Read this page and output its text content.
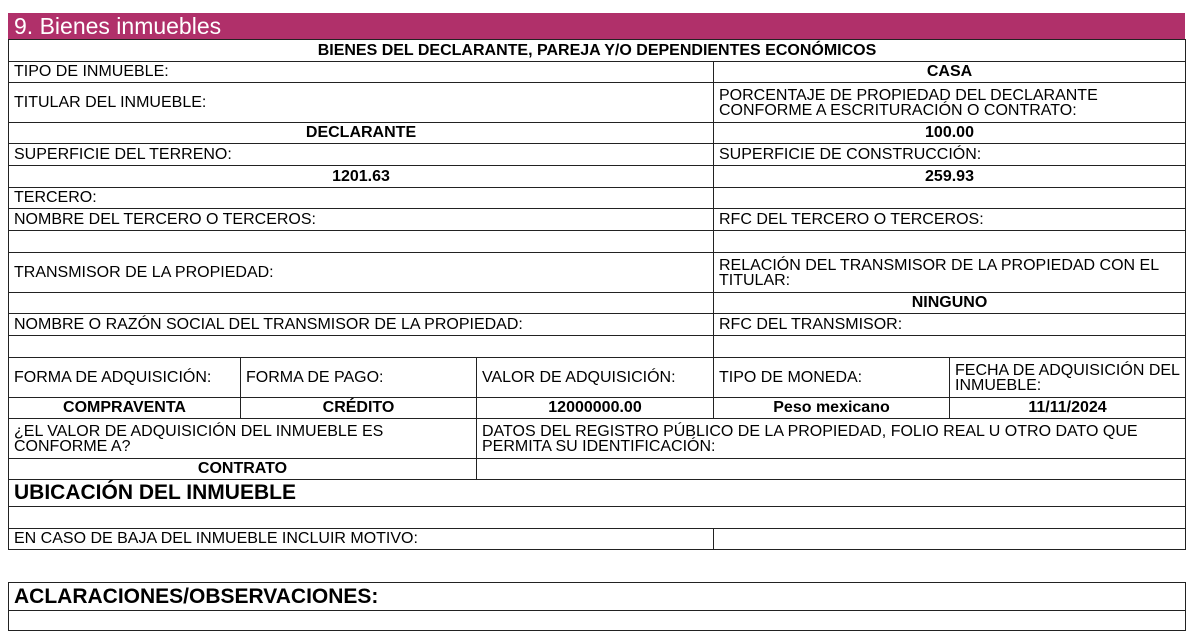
9. Bienes inmuebles
BIENES DEL DECLARANTE, PAREJA Y/O DEPENDIENTES ECONÓMICOS				
TIPO DE INMUEBLE:			CASA	
TITULAR DEL INMUEBLE:			PORCENTAJE DE PROPIEDAD DEL DECLARANTE CONFORME A ESCRITURACIÓN O CONTRATO:	
DECLARANTE			100.00	
SUPERFICIE DEL TERRENO:			SUPERFICIE DE CONSTRUCCIÓN:	
1201.63			259.93	
TERCERO:				
NOMBRE DEL TERCERO O TERCEROS:			RFC DEL TERCERO O TERCEROS:	

TRANSMISOR DE LA PROPIEDAD:			RELACIÓN DEL TRANSMISOR DE LA PROPIEDAD CON EL TITULAR:	
			NINGUNO	
NOMBRE O RAZÓN SOCIAL DEL TRANSMISOR DE LA PROPIEDAD:			RFC DEL TRANSMISOR:	

FORMA DE ADQUISICIÓN:	FORMA DE PAGO:	VALOR DE ADQUISICIÓN:	TIPO DE MONEDA:	FECHA DE ADQUISICIÓN DEL INMUEBLE:
COMPRAVENTA	CRÉDITO	12000000.00	Peso mexicano	11/11/2024
¿EL VALOR DE ADQUISICIÓN DEL INMUEBLE ES CONFORME A?		DATOS DEL REGISTRO PÚBLICO DE LA PROPIEDAD, FOLIO REAL U OTRO DATO QUE PERMITA SU IDENTIFICACIÓN:		
CONTRATO				
UBICACIÓN DEL INMUEBLE				

EN CASO DE BAJA DEL INMUEBLE INCLUIR MOTIVO:				
ACLARACIONES/OBSERVACIONES:
